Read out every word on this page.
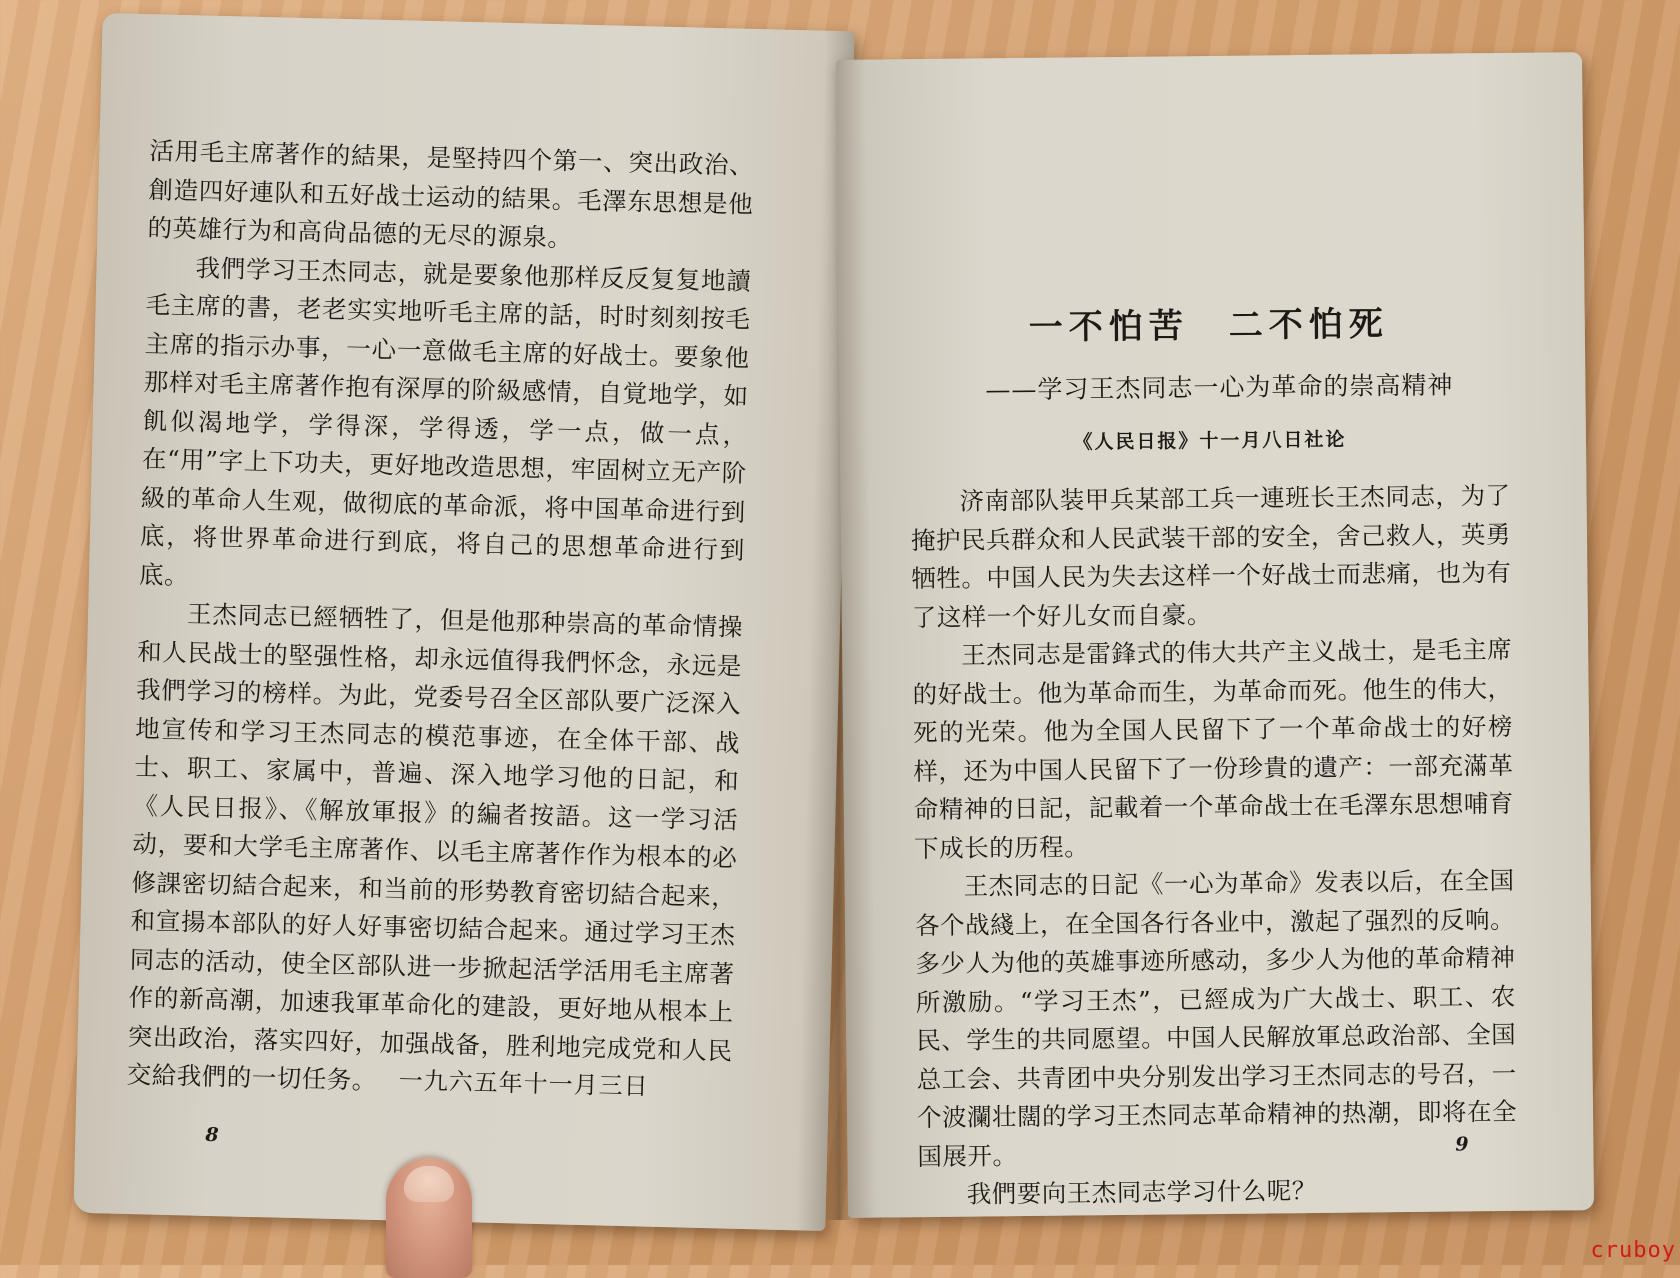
活用毛主席著作的結果，是堅持四个第一、突出政治、創造四好連队和五好战士运动的結果。毛澤东思想是他的英雄行为和高尙品德的无尽的源泉。

我們学习王杰同志，就是要象他那样反反复复地讀毛主席的書，老老实实地听毛主席的話，时时刻刻按毛主席的指示办事，一心一意做毛主席的好战士。要象他那样对毛主席著作抱有深厚的阶級感情，自覚地学，如飢似渴地学，学得深，学得透，学一点，做一点，在“用”字上下功夫，更好地改造思想，牢固树立无产阶級的革命人生观，做彻底的革命派，将中国革命进行到底，将世界革命进行到底，将自己的思想革命进行到底。

王杰同志已經牺牲了，但是他那种崇高的革命情操和人民战士的堅强性格，却永远值得我們怀念，永远是我們学习的榜样。为此，党委号召全区部队要广泛深入地宣传和学习王杰同志的模范事迹，在全体干部、战士、职工、家属中，普遍、深入地学习他的日記，和《人民日报》、《解放軍报》的編者按語。这一学习活动，要和大学毛主席著作、以毛主席著作作为根本的必修課密切結合起来，和当前的形势教育密切結合起来，和宣揚本部队的好人好事密切結合起来。通过学习王杰同志的活动，使全区部队进一步掀起活学活用毛主席著作的新高潮，加速我軍革命化的建設，更好地从根本上突出政治，落实四好，加强战备，胜利地完成党和人民交給我們的一切任务。 一九六五年十一月三日
8
一不怕苦　二不怕死
——学习王杰同志一心为革命的崇高精神
《人民日报》十一月八日社论

济南部队装甲兵某部工兵一連班长王杰同志，为了掩护民兵群众和人民武装干部的安全，舍己救人，英勇牺牲。中国人民为失去这样一个好战士而悲痛，也为有了这样一个好儿女而自豪。

王杰同志是雷鋒式的伟大共产主义战士，是毛主席的好战士。他为革命而生，为革命而死。他生的伟大，死的光荣。他为全国人民留下了一个革命战士的好榜样，还为中国人民留下了一份珍貴的遺产：一部充滿革命精神的日記，記載着一个革命战士在毛澤东思想哺育下成长的历程。

王杰同志的日記《一心为革命》发表以后，在全国各个战綫上，在全国各行各业中，激起了强烈的反响。多少人为他的英雄事迹所感动，多少人为他的革命精神所激励。“学习王杰”，已經成为广大战士、职工、农民、学生的共同愿望。中国人民解放軍总政治部、全国总工会、共青团中央分别发出学习王杰同志的号召，一个波瀾壮闊的学习王杰同志革命精神的热潮，即将在全国展开。

我們要向王杰同志学习什么呢？

9
cruboy
